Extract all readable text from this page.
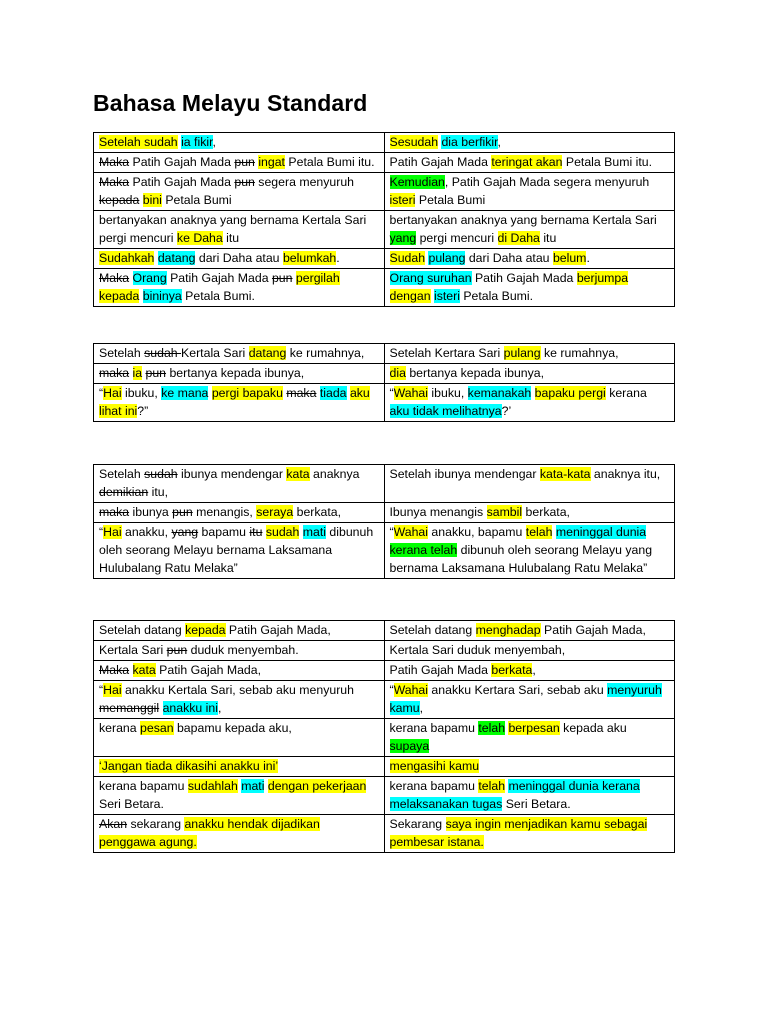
Bahasa Melayu Standard
Setelah sudah ia fikir,	Sesudah dia berfikir,
Maka Patih Gajah Mada pun ingat Petala Bumi itu.	Patih Gajah Mada teringat akan Petala Bumi itu.
Maka Patih Gajah Mada pun segera menyuruh kepada bini Petala Bumi	Kemudian, Patih Gajah Mada segera menyuruh isteri Petala Bumi
bertanyakan anaknya yang bernama Kertala Sari pergi mencuri ke Daha itu	bertanyakan anaknya yang bernama Kertala Sari yang pergi mencuri di Daha itu
Sudahkah datang dari Daha atau belumkah.	Sudah pulang dari Daha atau belum.
Maka Orang Patih Gajah Mada pun pergilah kepada bininya Petala Bumi.	Orang suruhan Patih Gajah Mada berjumpa dengan isteri Petala Bumi.
Setelah sudah Kertala Sari datang ke rumahnya,	Setelah Kertara Sari pulang ke rumahnya,
maka ia pun bertanya kepada ibunya,	dia bertanya kepada ibunya,
“Hai ibuku, ke mana pergi bapaku maka tiada aku lihat ini?”	“Wahai ibuku, kemanakah bapaku pergi kerana aku tidak melihatnya?’
Setelah sudah ibunya mendengar kata anaknya demikian itu,	Setelah ibunya mendengar kata-kata anaknya itu,
maka ibunya pun menangis, seraya berkata,	Ibunya menangis sambil berkata,
“Hai anakku, yang bapamu itu sudah mati dibunuh oleh seorang Melayu bernama Laksamana Hulubalang Ratu Melaka”	“Wahai anakku, bapamu telah meninggal dunia kerana telah dibunuh oleh seorang Melayu yang bernama Laksamana Hulubalang Ratu Melaka”
Setelah datang kepada Patih Gajah Mada,	Setelah datang menghadap Patih Gajah Mada,
Kertala Sari pun duduk menyembah.	Kertala Sari duduk menyembah,
Maka kata Patih Gajah Mada,	Patih Gajah Mada berkata,
“Hai anakku Kertala Sari, sebab aku menyuruh memanggil anakku ini,	“Wahai anakku Kertara Sari, sebab aku menyuruh kamu,
kerana pesan bapamu kepada aku,	kerana bapamu telah berpesan kepada aku supaya
‘Jangan tiada dikasihi anakku ini’	mengasihi kamu
kerana bapamu sudahlah mati dengan pekerjaan Seri Betara.	kerana bapamu telah meninggal dunia kerana melaksanakan tugas Seri Betara.
Akan sekarang anakku hendak dijadikan penggawa agung.	Sekarang saya ingin menjadikan kamu sebagai pembesar istana.
